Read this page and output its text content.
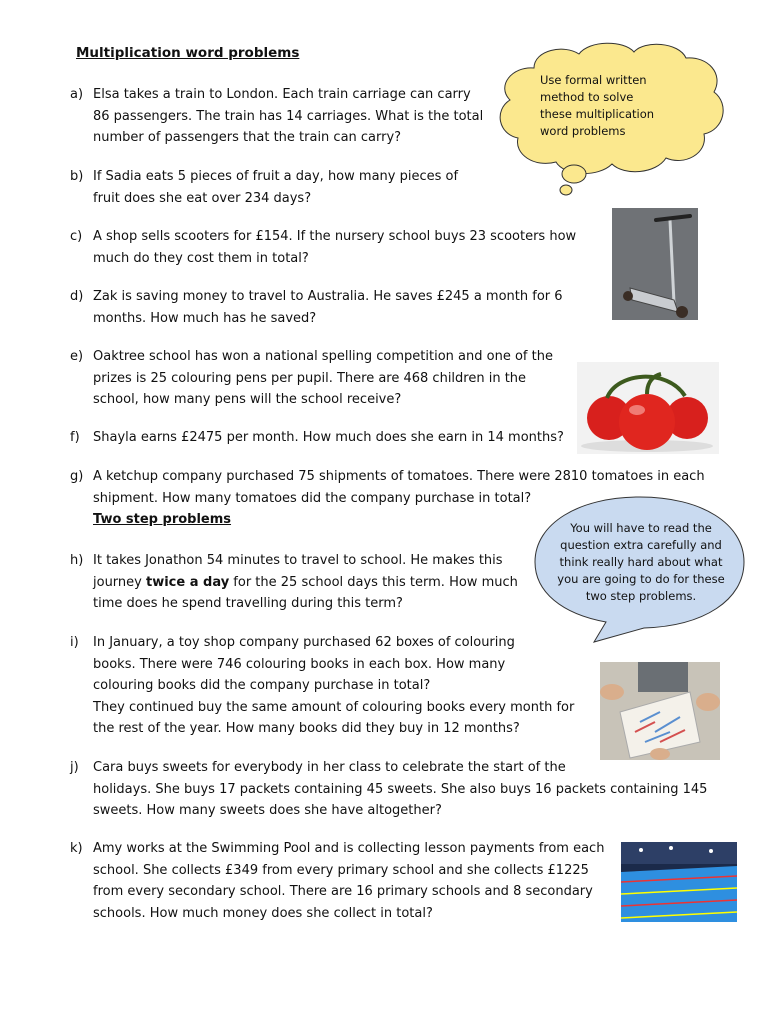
Multiplication word problems
Use formal written
method to solve
these multiplication
word problems
You will have to read the
question extra carefully and
think really hard about what
you are going to do for these
two step problems.
a) Elsa takes a train to London. Each train carriage can carry
86 passengers. The train has 14 carriages. What is the total
number of passengers that the train can carry?
b) If Sadia eats 5 pieces of fruit a day, how many pieces of
fruit does she eat over 234 days?
c) A shop sells scooters for £154. If the nursery school buys 23 scooters how
much do they cost them in total?
d) Zak is saving money to travel to Australia. He saves £245 a month for 6
months. How much has he saved?
e) Oaktree school has won a national spelling competition and one of the
prizes is 25 colouring pens per pupil. There are 468 children in the
school, how many pens will the school receive?
f) Shayla earns £2475 per month. How much does she earn in 14 months?
g) A ketchup company purchased 75 shipments of tomatoes. There were 2810 tomatoes in each
shipment. How many tomatoes did the company purchase in total?
Two step problems
h) It takes Jonathon 54 minutes to travel to school. He makes this
journey twice a day for the 25 school days this term. How much
time does he spend travelling during this term?
i) In January, a toy shop company purchased 62 boxes of colouring
books. There were 746 colouring books in each box. How many
colouring books did the company purchase in total?
They continued buy the same amount of colouring books every month for
the rest of the year. How many books did they buy in 12 months?
j) Cara buys sweets for everybody in her class to celebrate the start of the
holidays. She buys 17 packets containing 45 sweets. She also buys 16 packets containing 145
sweets. How many sweets does she have altogether?
k) Amy works at the Swimming Pool and is collecting lesson payments from each
school. She collects £349 from every primary school and she collects £1225
from every secondary school. There are 16 primary schools and 8 secondary
schools. How much money does she collect in total?
